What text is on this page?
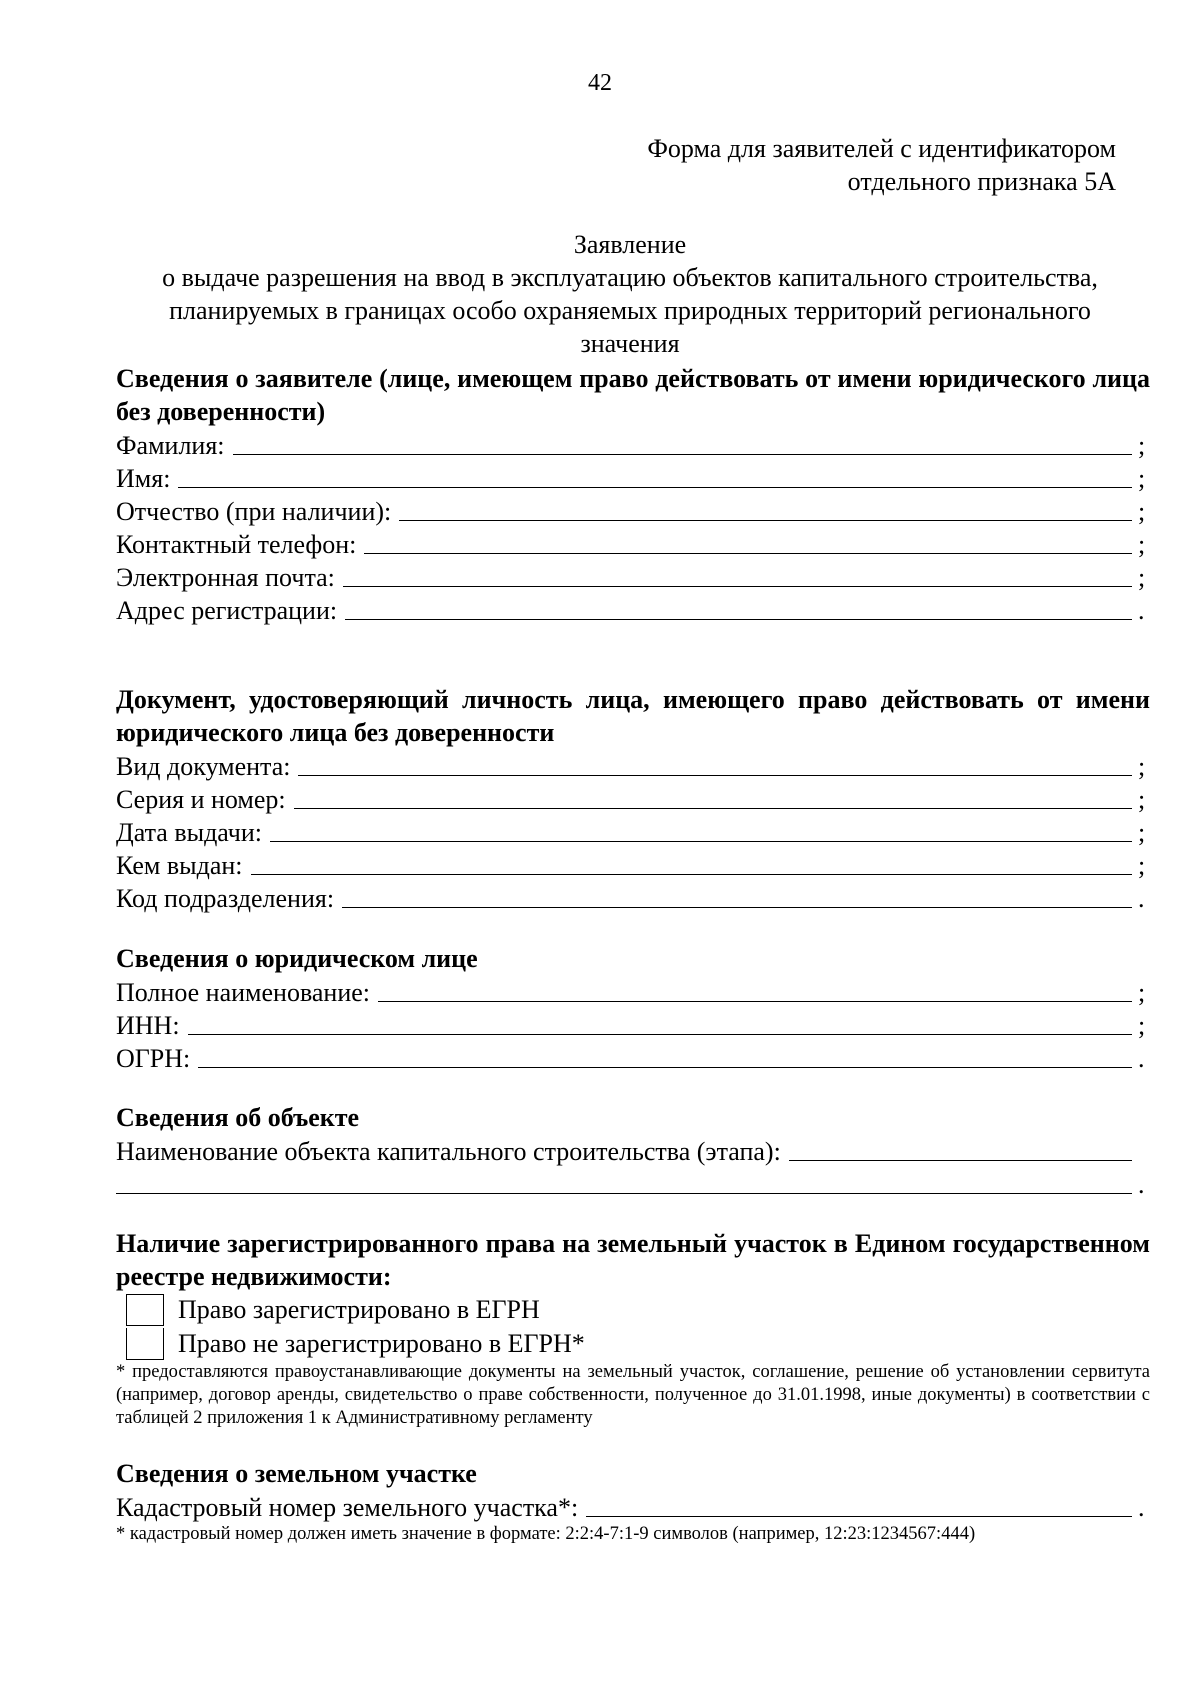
42
Форма для заявителей с идентификатором
отдельного признака 5А
Заявление
о выдаче разрешения на ввод в эксплуатацию объектов капитального строительства,
планируемых в границах особо охраняемых природных территорий регионального
значения
Сведения о заявителе (лице, имеющем право действовать от имени юридического лица без доверенности)
Фамилия:	;
Имя:	;
Отчество (при наличии):	;
Контактный телефон:	;
Электронная почта:	;
Адрес регистрации:	.
Документ, удостоверяющий личность лица, имеющего право действовать от имени юридического лица без доверенности
Вид документа:	;
Серия и номер:	;
Дата выдачи:	;
Кем выдан:	;
Код подразделения:	.
Сведения о юридическом лице
Полное наименование:	;
ИНН:	;
ОГРН:	.
Сведения об объекте
Наименование объекта капитального строительства (этапа):
.
Наличие зарегистрированного права на земельный участок в Едином государственном реестре недвижимости:
Право зарегистрировано в ЕГРН
Право не зарегистрировано в ЕГРН*
* предоставляются правоустанавливающие документы на земельный участок, соглашение, решение об установлении сервитута (например, договор аренды, свидетельство о праве собственности, полученное до 31.01.1998, иные документы) в соответствии с таблицей 2 приложения 1 к Административному регламенту
Сведения о земельном участке
Кадастровый номер земельного участка*:	.
* кадастровый номер должен иметь значение в формате: 2:2:4-7:1-9 символов (например, 12:23:1234567:444)
